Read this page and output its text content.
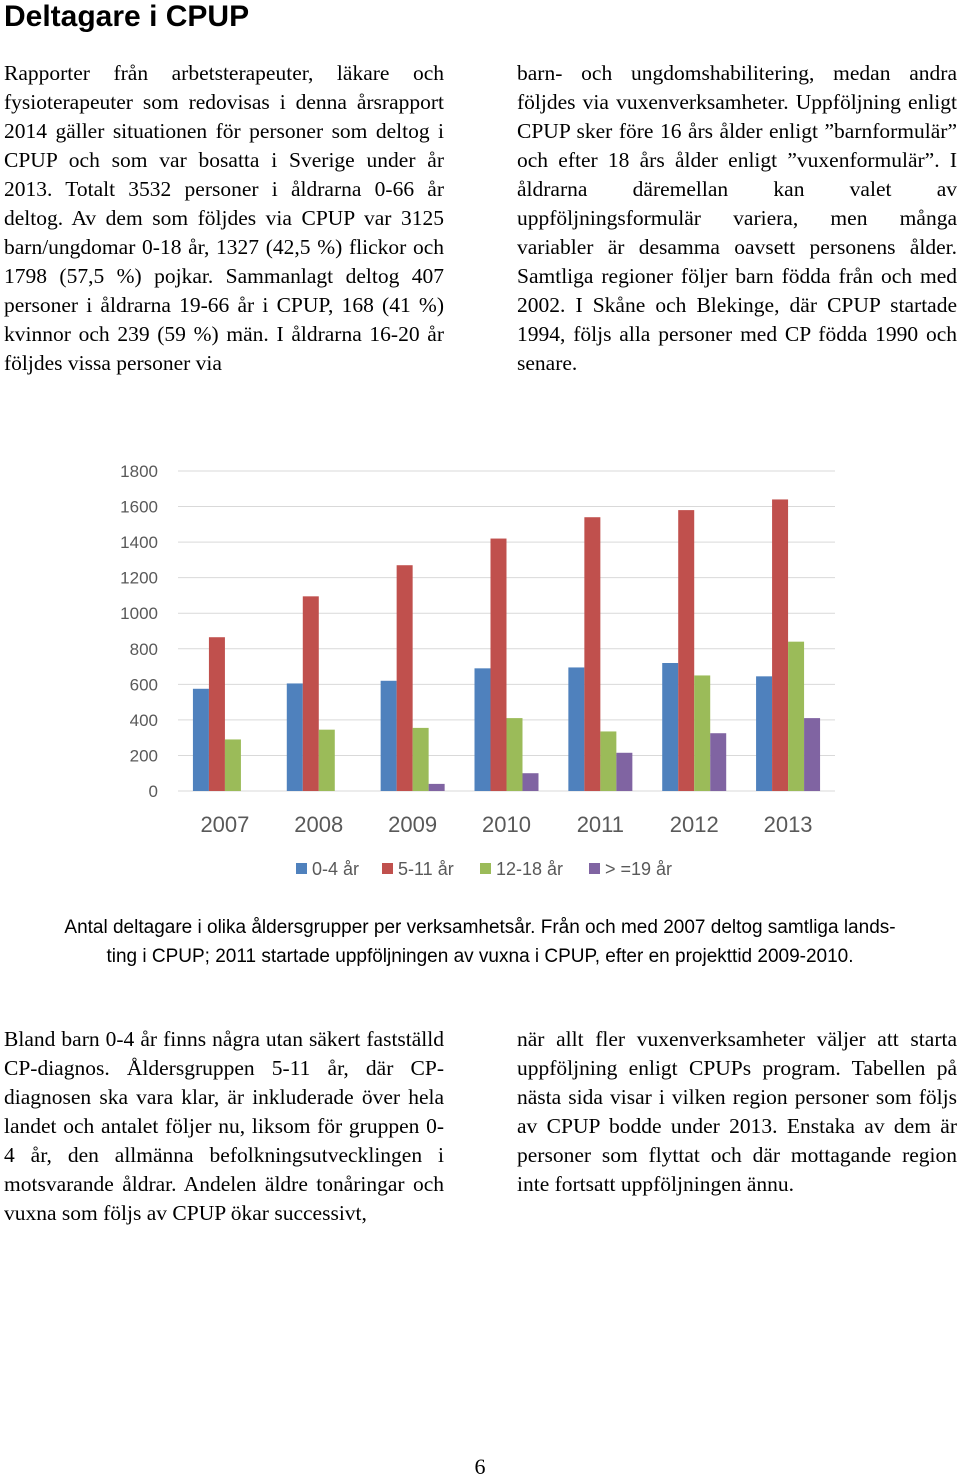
Deltagare i CPUP

Rapporter från arbetsterapeuter, läkare och fysioterapeuter som redovisas i denna årsrapport 2014 gäller situationen för personer som deltog i CPUP och som var bosatta i Sverige under år 2013. Totalt 3532 personer i åldrarna 0-66 år deltog. Av dem som följdes via CPUP var 3125 barn/ungdomar 0-18 år, 1327 (42,5 %) flickor och 1798 (57,5 %) pojkar. Sammanlagt deltog 407 personer i åldrarna 19-66 år i CPUP, 168 (41 %) kvinnor och 239 (59 %) män. I åldrarna 16-20 år följdes vissa personer via

barn- och ungdomshabilitering, medan andra följdes via vuxenverksamheter. Uppföljning enligt CPUP sker före 16 års ålder enligt ”barnformulär” och efter 18 års ålder enligt ”vuxenformulär”. I åldrarna däremellan kan valet av uppföljningsformulär variera, men många variabler är desamma oavsett personens ålder. Samtliga regioner följer barn födda från och med 2002. I Skåne och Blekinge, där CPUP startade 1994, följs alla personer med CP födda 1990 och senare.

0
200
400
600
800
1000
1200
1400
1600
1800
2007 2008 2009 2010 2011 2012 2013
0-4 år 5-11 år 12-18 år > =19 år
Antal deltagare i olika åldersgrupper per verksamhetsår. Från och med 2007 deltog samtliga lands-
ting i CPUP; 2011 startade uppföljningen av vuxna i CPUP, efter en projekttid 2009-2010.

Bland barn 0-4 år finns några utan säkert fastställd CP-diagnos. Åldersgruppen 5-11 år, där CP-diagnosen ska vara klar, är inkluderade över hela landet och antalet följer nu, liksom för gruppen 0-4 år, den allmänna befolkningsutvecklingen i motsvarande åldrar. Andelen äldre tonåringar och vuxna som följs av CPUP ökar successivt,

när allt fler vuxenverksamheter väljer att starta uppföljning enligt CPUPs program. Tabellen på nästa sida visar i vilken region personer som följs av CPUP bodde under 2013. Enstaka av dem är personer som flyttat och där mottagande region inte fortsatt uppföljningen ännu.

6
